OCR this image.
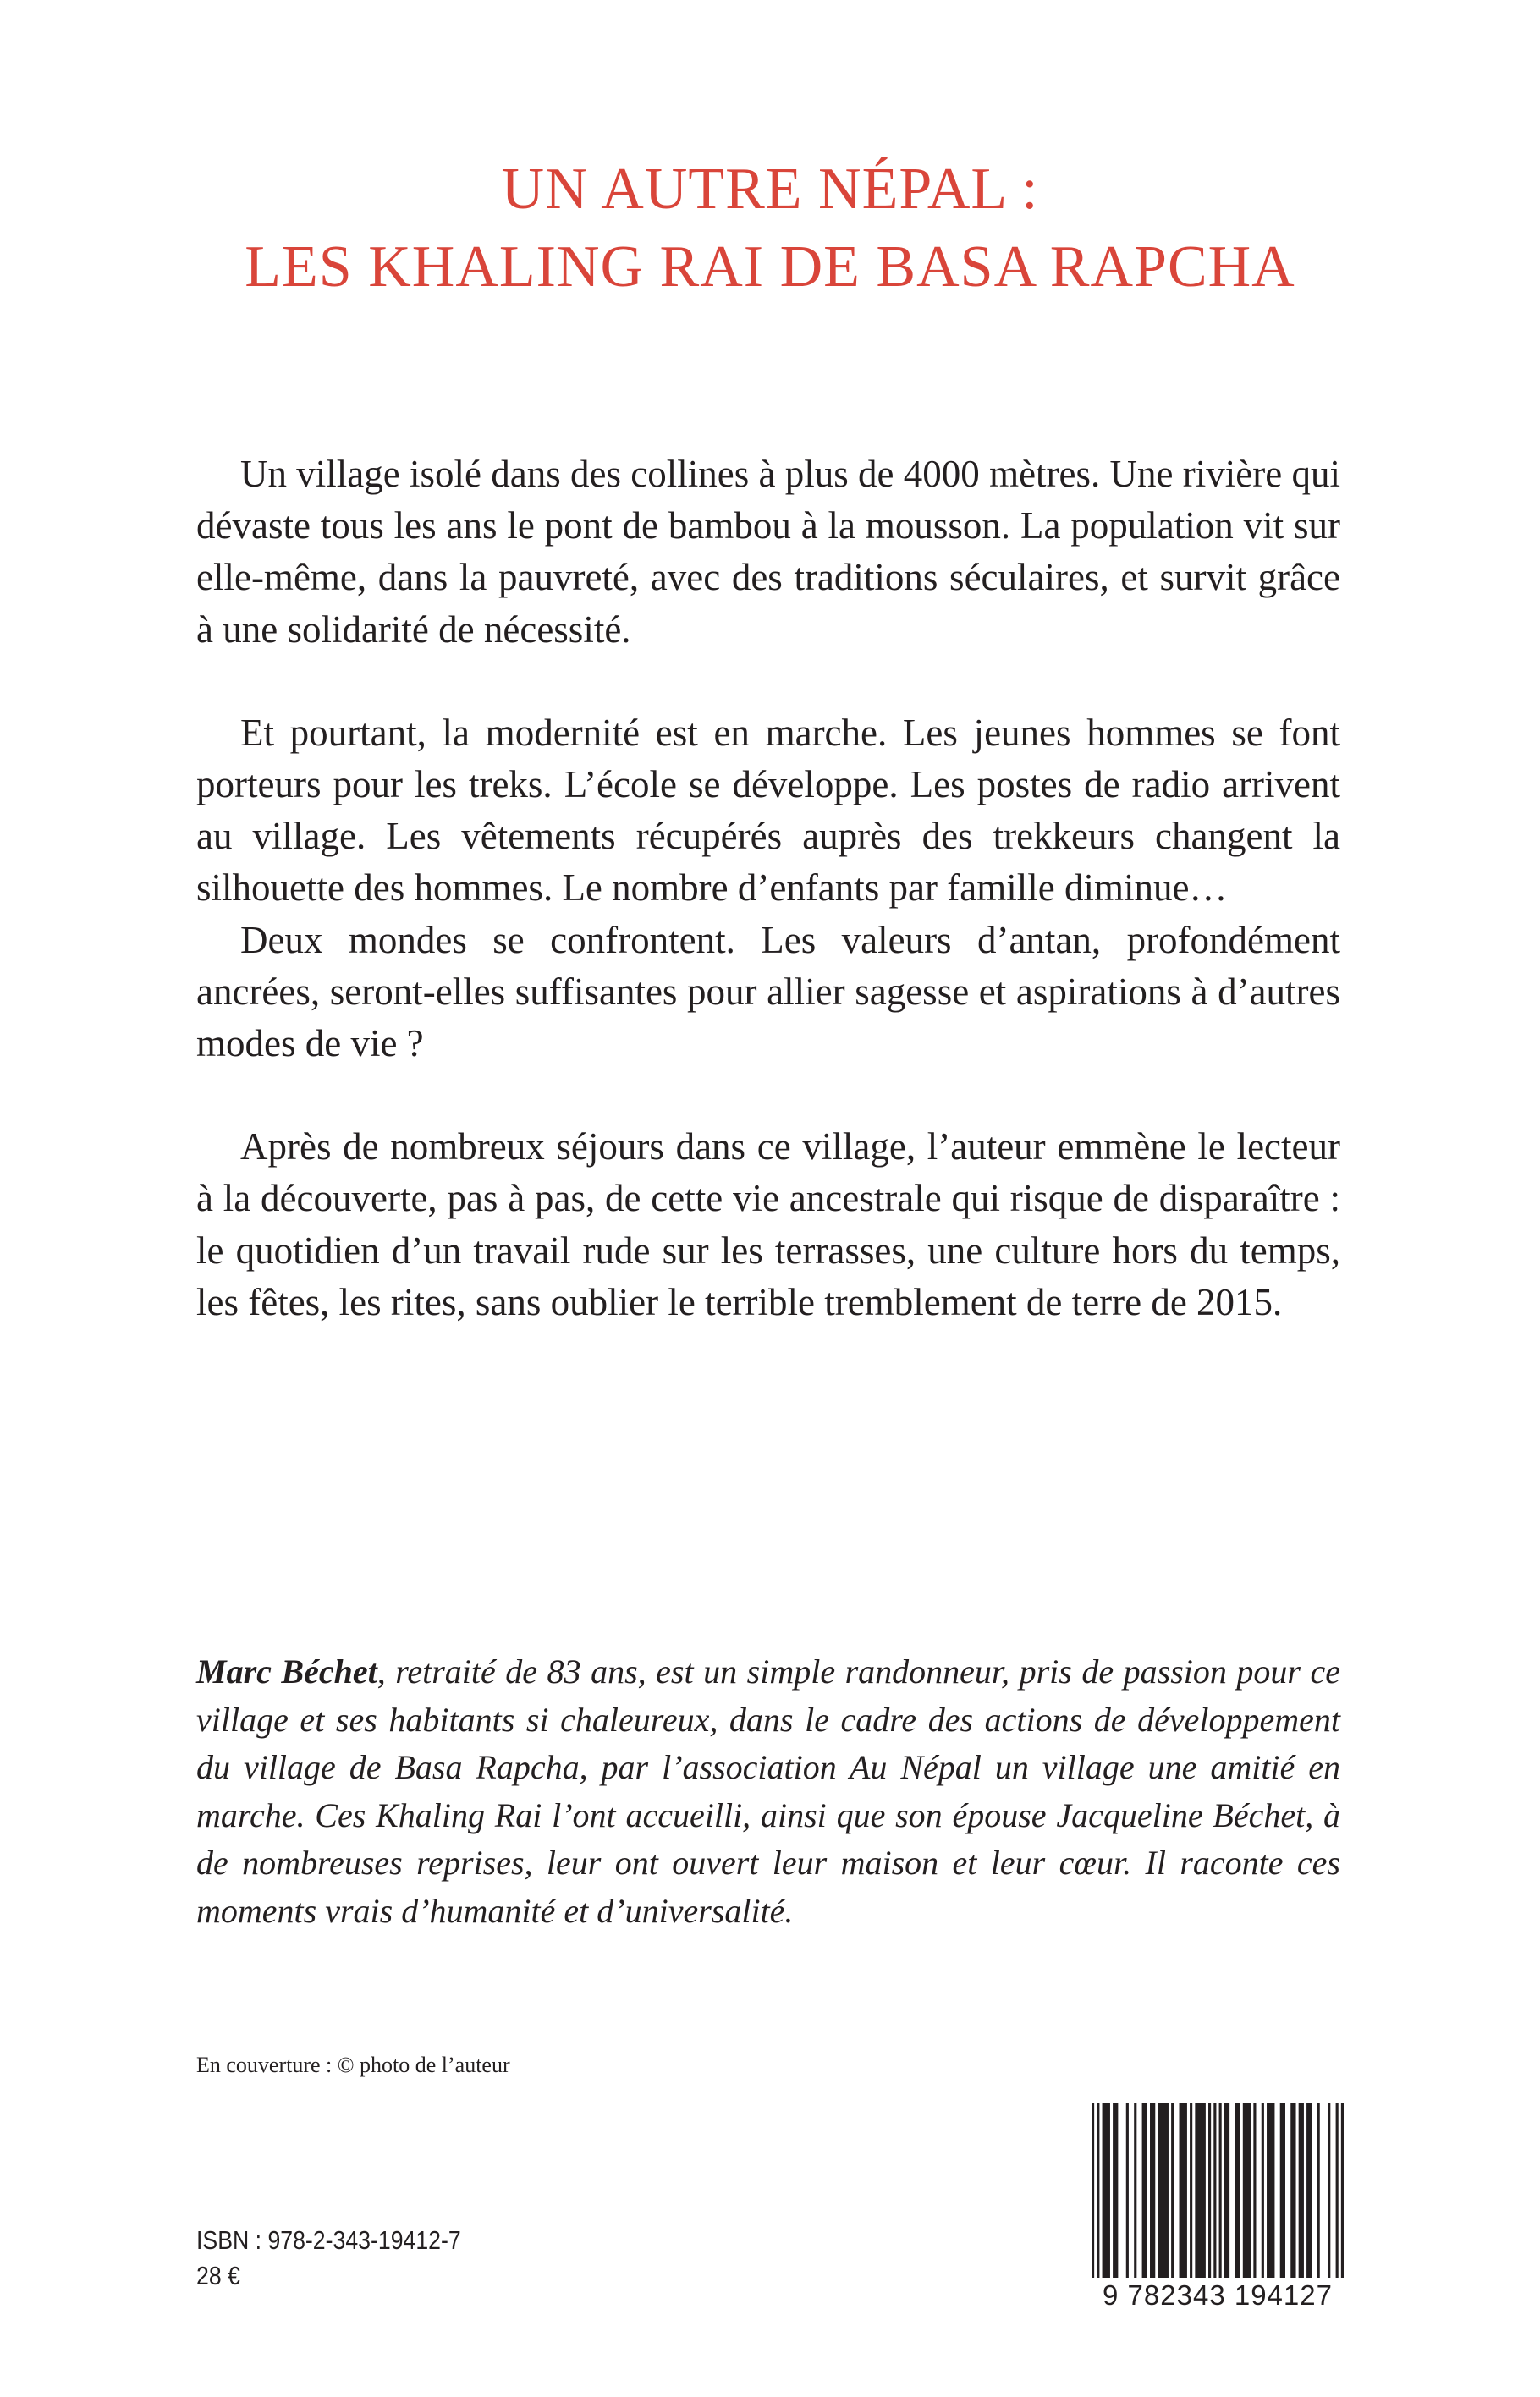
UN AUTRE NÉPAL :
LES KHALING RAI DE BASA RAPCHA

Un village isolé dans des collines à plus de 4000 mètres. Une rivière qui dévaste tous les ans le pont de bambou à la mousson. La population vit sur elle-même, dans la pauvreté, avec des traditions séculaires, et survit grâce à une solidarité de nécessité.

Et pourtant, la modernité est en marche. Les jeunes hommes se font porteurs pour les treks. L’école se développe. Les postes de radio arrivent au village. Les vêtements récupérés auprès des trekkeurs changent la silhouette des hommes. Le nombre d’enfants par famille diminue…

Deux mondes se confrontent. Les valeurs d’antan, profondément ancrées, seront-elles suffisantes pour allier sagesse et aspirations à d’autres modes de vie ?

Après de nombreux séjours dans ce village, l’auteur emmène le lecteur à la découverte, pas à pas, de cette vie ancestrale qui risque de disparaître : le quotidien d’un travail rude sur les terrasses, une culture hors du temps, les fêtes, les rites, sans oublier le terrible tremblement de terre de 2015.

Marc Béchet, retraité de 83 ans, est un simple randonneur, pris de passion pour ce village et ses habitants si chaleureux, dans le cadre des actions de développement du village de Basa Rapcha, par l’association Au Népal un village une amitié en marche. Ces Khaling Rai l’ont accueilli, ainsi que son épouse Jacqueline Béchet, à de nombreuses reprises, leur ont ouvert leur maison et leur cœur. Il raconte ces moments vrais d’humanité et d’universalité.

En couverture : © photo de l’auteur
ISBN : 978-2-343-19412-7
28 €
9 782343 194127
